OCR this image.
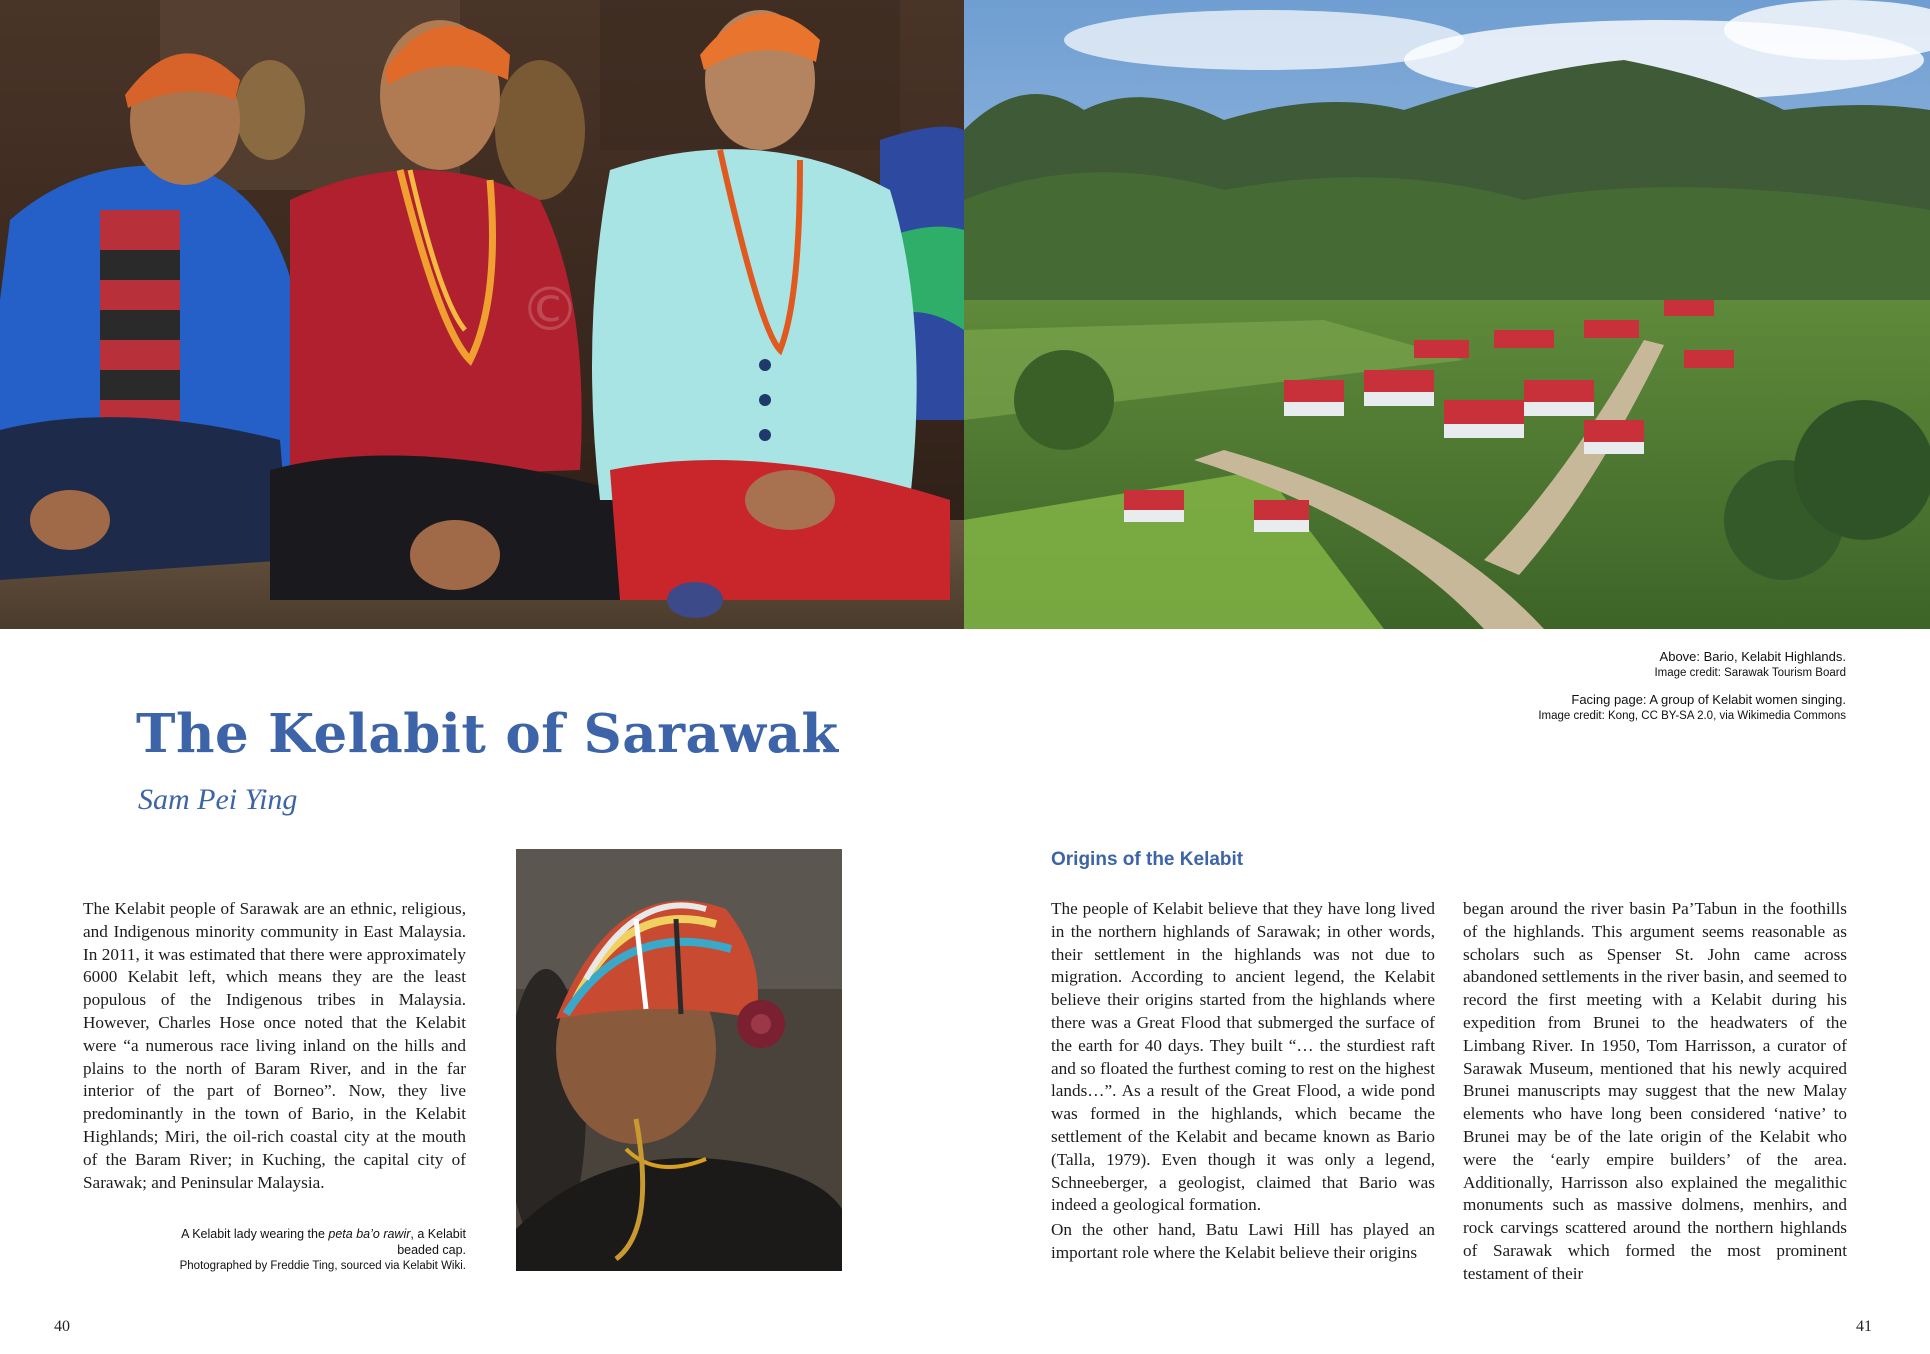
©
The Kelabit of Sarawak
Sam Pei Ying
Above: Bario, Kelabit Highlands.
Image credit: Sarawak Tourism Board
Facing page: A group of Kelabit women singing.
Image credit: Kong, CC BY-SA 2.0, via Wikimedia Commons
The Kelabit people of Sarawak are an ethnic, religious, and Indigenous minority community in East Malaysia. In 2011, it was estimated that there were approximately 6000 Kelabit left, which means they are the least populous of the Indigenous tribes in Malaysia. However, Charles Hose once noted that the Kelabit were “a numerous race living inland on the hills and plains to the north of Baram River, and in the far interior of the part of Borneo”. Now, they live predominantly in the town of Bario, in the Kelabit Highlands; Miri, the oil-rich coastal city at the mouth of the Baram River; in Kuching, the capital city of Sarawak; and Peninsular Malaysia.
A Kelabit lady wearing the peta ba’o rawir, a Kelabit beaded cap.
Photographed by Freddie Ting, sourced via Kelabit Wiki.
Origins of the Kelabit
The people of Kelabit believe that they have long lived in the northern highlands of Sarawak; in other words, their settlement in the highlands was not due to migration. According to ancient legend, the Kelabit believe their origins started from the highlands where there was a Great Flood that submerged the surface of the earth for 40 days. They built “… the sturdiest raft and so floated the furthest coming to rest on the highest lands…”. As a result of the Great Flood, a wide pond was formed in the highlands, which became the settlement of the Kelabit and became known as Bario (Talla, 1979). Even though it was only a legend, Schneeberger, a geologist, claimed that Bario was indeed a geological formation.
On the other hand, Batu Lawi Hill has played an important role where the Kelabit believe their origins
began around the river basin Pa’Tabun in the foothills of the highlands. This argument seems reasonable as scholars such as Spenser St. John came across abandoned settlements in the river basin, and seemed to record the first meeting with a Kelabit during his expedition from Brunei to the headwaters of the Limbang River. In 1950, Tom Harrisson, a curator of Sarawak Museum, mentioned that his newly acquired Brunei manuscripts may suggest that the new Malay elements who have long been considered ‘native’ to Brunei may be of the late origin of the Kelabit who were the ‘early empire builders’ of the area. Additionally, Harrisson also explained the megalithic monuments such as massive dolmens, menhirs, and rock carvings scattered around the northern highlands of Sarawak which formed the most prominent testament of their
40	41
